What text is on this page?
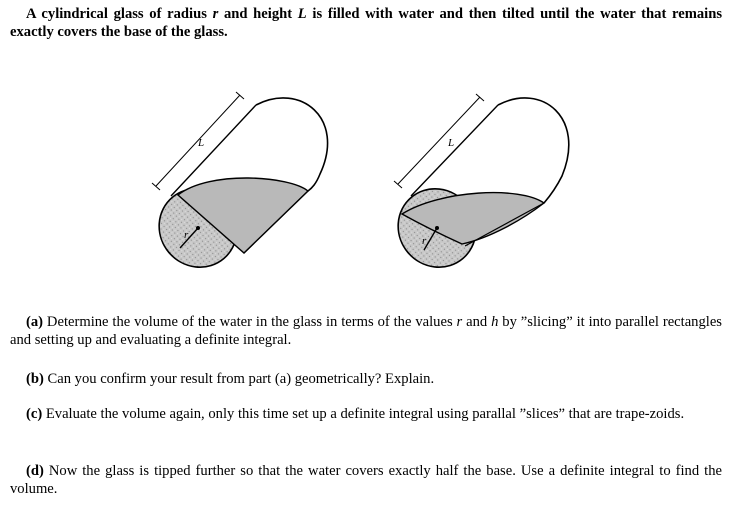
A cylindrical glass of radius r and height L is filled with water and then tilted until the water that remains exactly covers the base of the glass.
L
r
L
r
(a) Determine the volume of the water in the glass in terms of the values r and h by ”slicing” it into parallel rectangles and setting up and evaluating a definite integral.
(b) Can you confirm your result from part (a) geometrically? Explain.
(c) Evaluate the volume again, only this time set up a definite integral using parallal ”slices” that are trape-zoids.
(d) Now the glass is tipped further so that the water covers exactly half the base. Use a definite integral to find the volume.
